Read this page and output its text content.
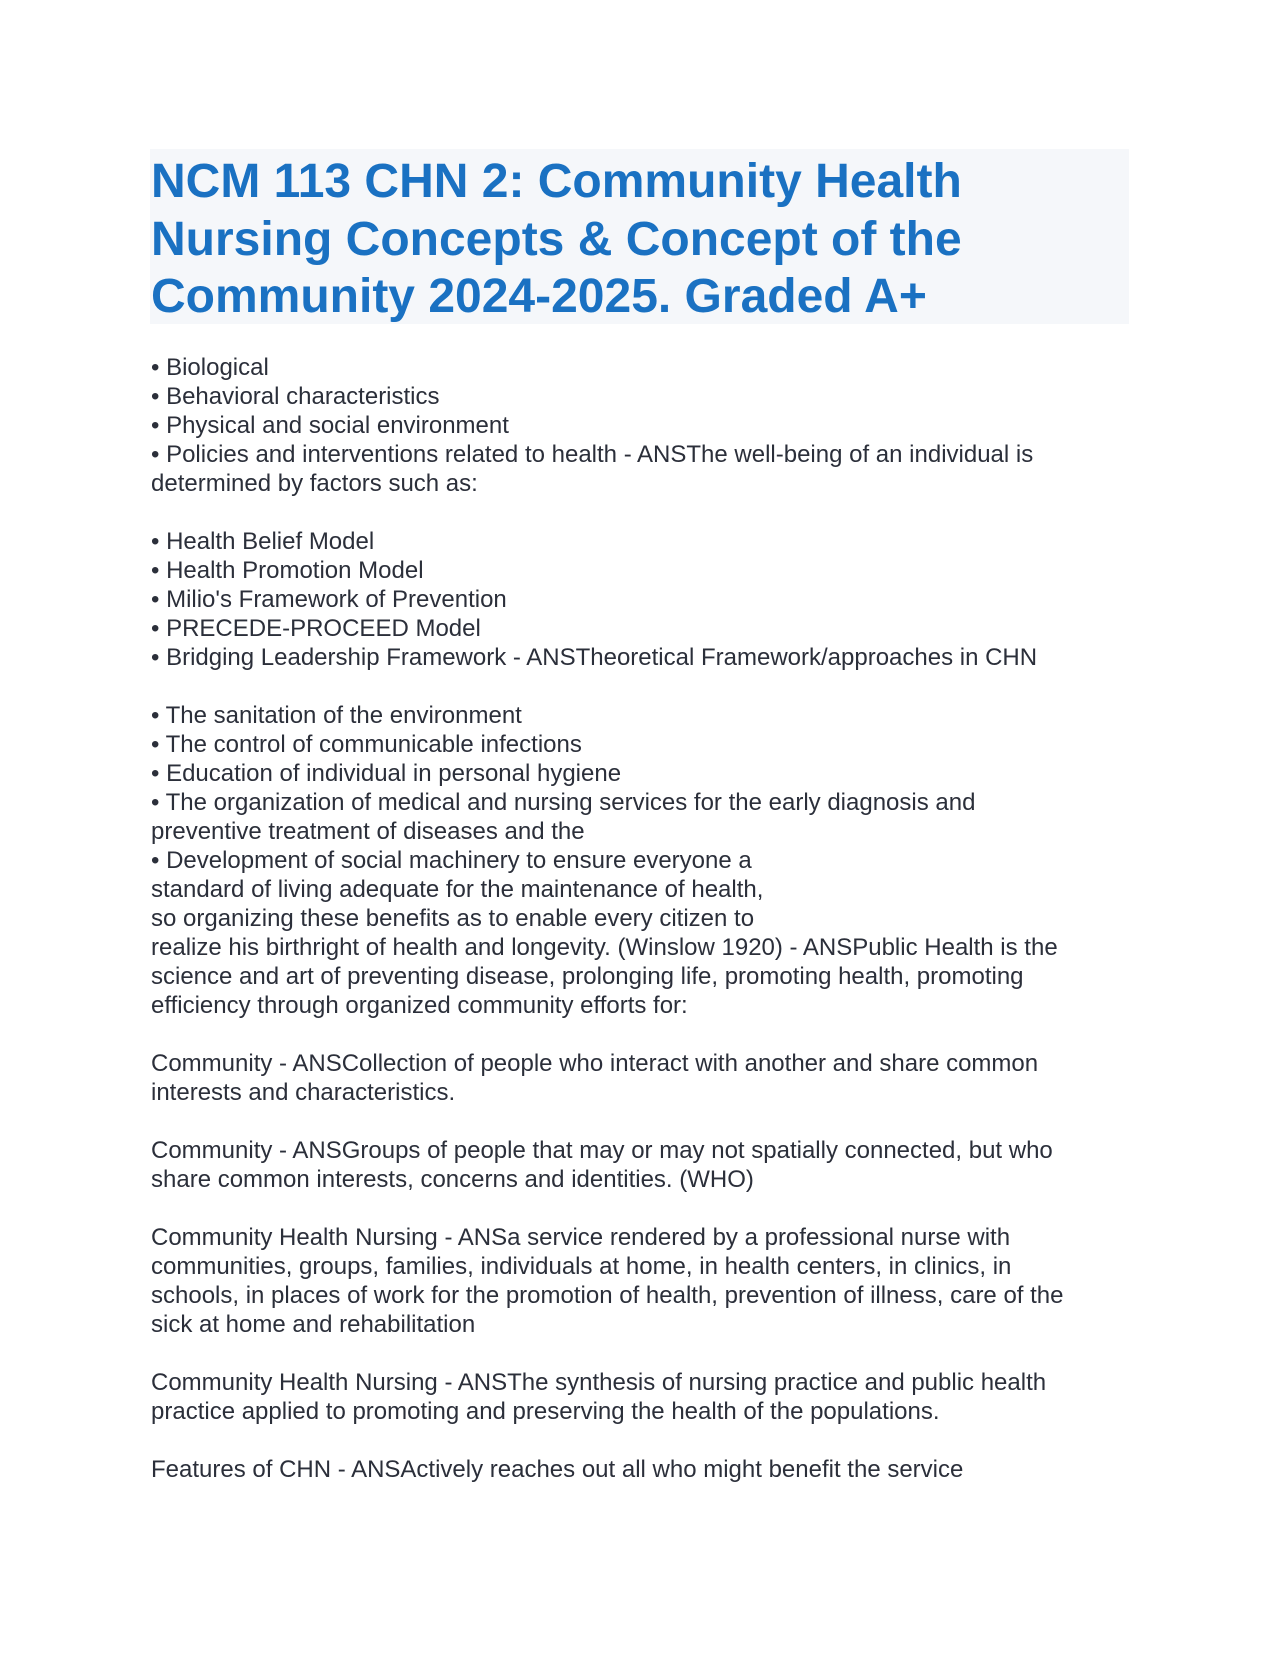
NCM 113 CHN 2: Community Health
Nursing Concepts & Concept of the
Community 2024-2025. Graded A+
• Biological
• Behavioral characteristics
• Physical and social environment
• Policies and interventions related to health - ANSThe well-being of an individual is
determined by factors such as:
• Health Belief Model
• Health Promotion Model
• Milio's Framework of Prevention
• PRECEDE-PROCEED Model
• Bridging Leadership Framework - ANSTheoretical Framework/approaches in CHN
• The sanitation of the environment
• The control of communicable infections
• Education of individual in personal hygiene
• The organization of medical and nursing services for the early diagnosis and
preventive treatment of diseases and the
• Development of social machinery to ensure everyone a
standard of living adequate for the maintenance of health,
so organizing these benefits as to enable every citizen to
realize his birthright of health and longevity. (Winslow 1920) - ANSPublic Health is the
science and art of preventing disease, prolonging life, promoting health, promoting
efficiency through organized community efforts for:
Community - ANSCollection of people who interact with another and share common
interests and characteristics.
Community - ANSGroups of people that may or may not spatially connected, but who
share common interests, concerns and identities. (WHO)
Community Health Nursing - ANSa service rendered by a professional nurse with
communities, groups, families, individuals at home, in health centers, in clinics, in
schools, in places of work for the promotion of health, prevention of illness, care of the
sick at home and rehabilitation
Community Health Nursing - ANSThe synthesis of nursing practice and public health
practice applied to promoting and preserving the health of the populations.
Features of CHN - ANSActively reaches out all who might benefit the service
